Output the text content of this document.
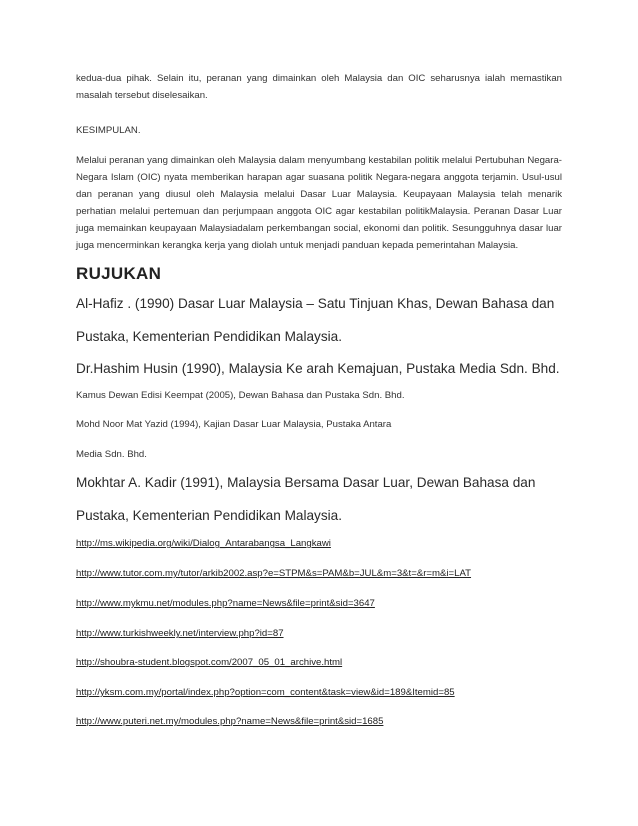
kedua-dua pihak. Selain itu, peranan yang dimainkan oleh Malaysia dan OIC seharusnya ialah memastikan masalah tersebut diselesaikan.
KESIMPULAN.
Melalui peranan yang dimainkan oleh Malaysia dalam menyumbang kestabilan politik melalui Pertubuhan Negara-Negara Islam (OIC) nyata memberikan harapan agar suasana politik Negara-negara anggota terjamin. Usul-usul dan peranan yang diusul oleh Malaysia melalui Dasar Luar Malaysia. Keupayaan Malaysia telah menarik perhatian melalui pertemuan dan perjumpaan anggota OIC agar kestabilan politikMalaysia. Peranan Dasar Luar juga memainkan keupayaan Malaysiadalam perkembangan social, ekonomi dan politik. Sesungguhnya dasar luar juga mencerminkan kerangka kerja yang diolah untuk menjadi panduan kepada pemerintahan Malaysia.
RUJUKAN
Al-Hafiz . (1990) Dasar Luar Malaysia – Satu Tinjuan Khas, Dewan Bahasa dan
Pustaka, Kementerian Pendidikan Malaysia.
Dr.Hashim Husin (1990), Malaysia Ke arah Kemajuan, Pustaka Media Sdn. Bhd.
Kamus Dewan Edisi Keempat (2005), Dewan Bahasa dan Pustaka Sdn. Bhd.
Mohd Noor Mat Yazid (1994), Kajian Dasar Luar Malaysia, Pustaka Antara
Media Sdn. Bhd.
Mokhtar A. Kadir (1991), Malaysia Bersama Dasar Luar, Dewan Bahasa dan
Pustaka, Kementerian Pendidikan Malaysia.
http://ms.wikipedia.org/wiki/Dialog_Antarabangsa_Langkawi
http://www.tutor.com.my/tutor/arkib2002.asp?e=STPM&s=PAM&b=JUL&m=3&t=&r=m&i=LAT
http://www.mykmu.net/modules.php?name=News&file=print&sid=3647
http://www.turkishweekly.net/interview.php?id=87
http://shoubra-student.blogspot.com/2007_05_01_archive.html
http://yksm.com.my/portal/index.php?option=com_content&task=view&id=189&Itemid=85
http://www.puteri.net.my/modules.php?name=News&file=print&sid=1685
